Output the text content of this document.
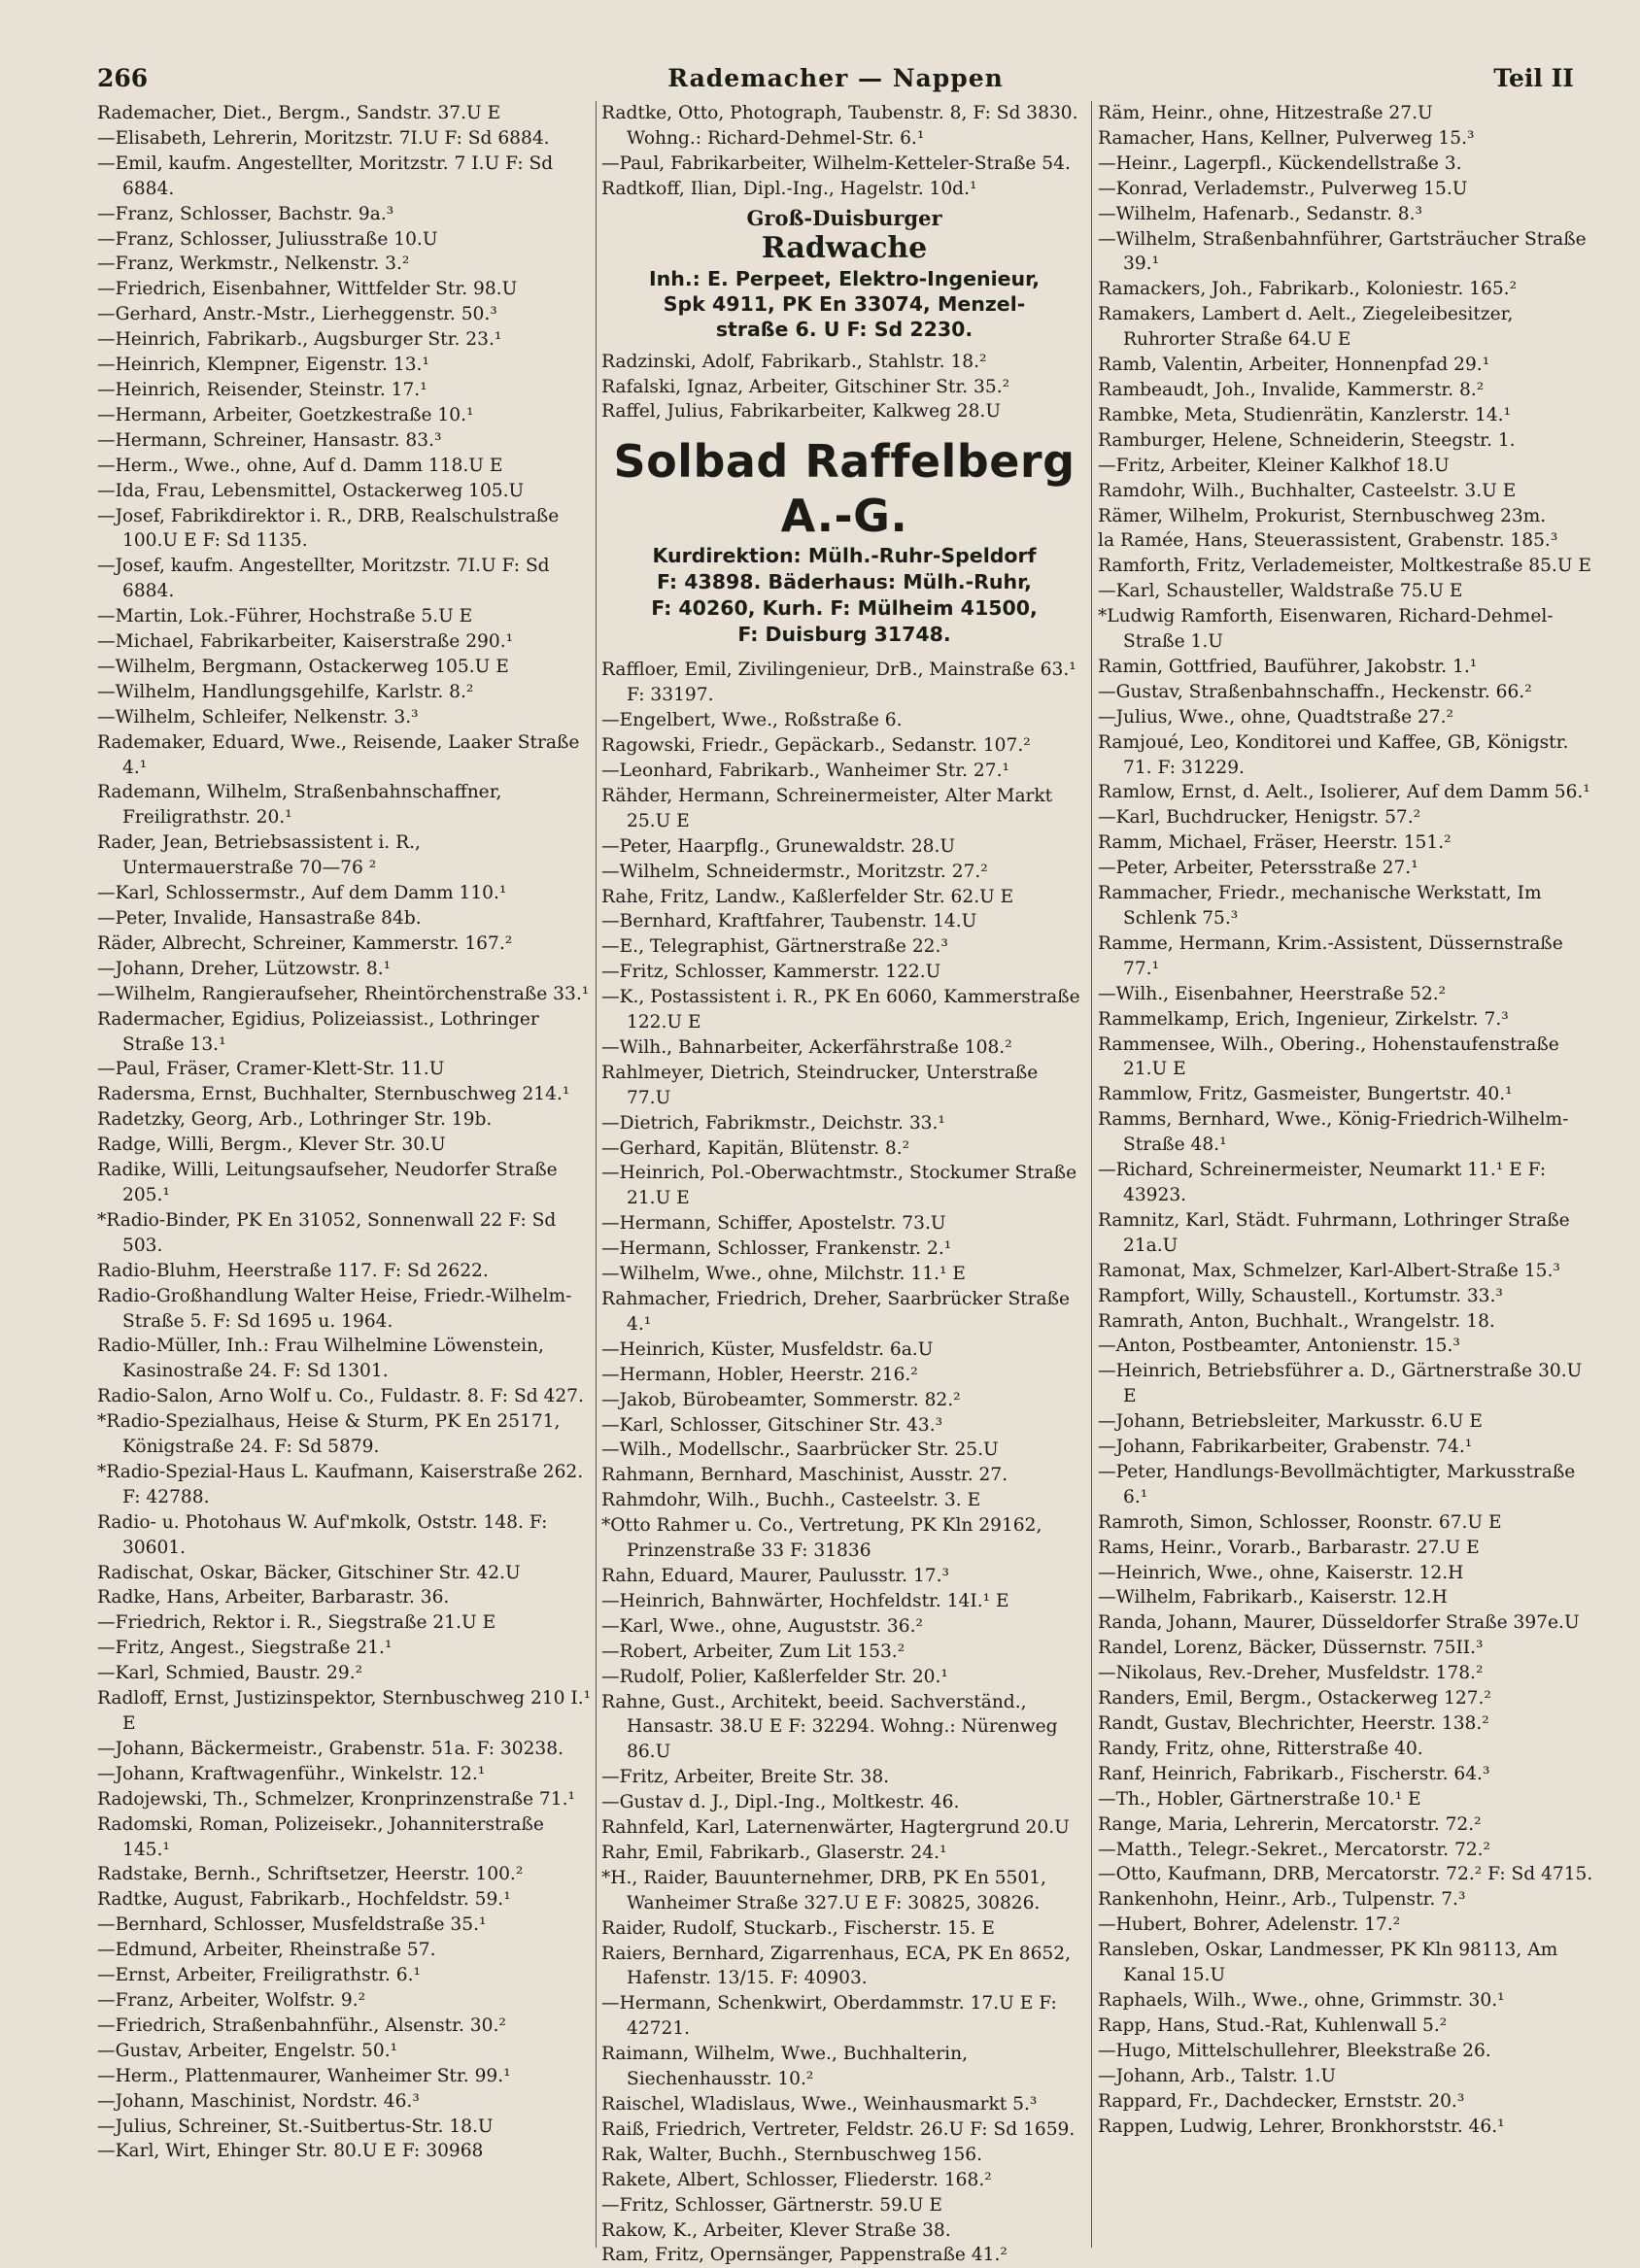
266	Rademacher — Nappen	Teil II

Rademacher, Diet., Bergm., Sandstr. 37.U E

—Elisabeth, Lehrerin, Moritzstr. 7I.U F: Sd 6884.

—Emil, kaufm. Angestellter, Moritzstr. 7 I.U F: Sd 6884.

—Franz, Schlosser, Bachstr. 9a.³

—Franz, Schlosser, Juliusstraße 10.U

—Franz, Werkmstr., Nelkenstr. 3.²

—Friedrich, Eisenbahner, Wittfelder Str. 98.U

—Gerhard, Anstr.-Mstr., Lierheggenstr. 50.³

—Heinrich, Fabrikarb., Augsburger Str. 23.¹

—Heinrich, Klempner, Eigenstr. 13.¹

—Heinrich, Reisender, Steinstr. 17.¹

—Hermann, Arbeiter, Goetzkestraße 10.¹

—Hermann, Schreiner, Hansastr. 83.³

—Herm., Wwe., ohne, Auf d. Damm 118.U E

—Ida, Frau, Lebensmittel, Ostackerweg 105.U

—Josef, Fabrikdirektor i. R., DRB, Realschulstraße 100.U E F: Sd 1135.

—Josef, kaufm. Angestellter, Moritzstr. 7I.U F: Sd 6884.

—Martin, Lok.-Führer, Hochstraße 5.U E

—Michael, Fabrikarbeiter, Kaiserstraße 290.¹

—Wilhelm, Bergmann, Ostackerweg 105.U E

—Wilhelm, Handlungsgehilfe, Karlstr. 8.²

—Wilhelm, Schleifer, Nelkenstr. 3.³

Rademaker, Eduard, Wwe., Reisende, Laaker Straße 4.¹

Rademann, Wilhelm, Straßenbahnschaffner, Freiligrathstr. 20.¹

Rader, Jean, Betriebsassistent i. R., Untermauerstraße 70—76 ²

—Karl, Schlossermstr., Auf dem Damm 110.¹

—Peter, Invalide, Hansastraße 84b.

Räder, Albrecht, Schreiner, Kammerstr. 167.²

—Johann, Dreher, Lützowstr. 8.¹

—Wilhelm, Rangieraufseher, Rheintörchenstraße 33.¹

Radermacher, Egidius, Polizeiassist., Lothringer Straße 13.¹

—Paul, Fräser, Cramer-Klett-Str. 11.U

Radersma, Ernst, Buchhalter, Sternbuschweg 214.¹

Radetzky, Georg, Arb., Lothringer Str. 19b.

Radge, Willi, Bergm., Klever Str. 30.U

Radike, Willi, Leitungsaufseher, Neudorfer Straße 205.¹

*Radio-Binder, PK En 31052, Sonnenwall 22 F: Sd 503.

Radio-Bluhm, Heerstraße 117. F: Sd 2622.

Radio-Großhandlung Walter Heise, Friedr.-Wilhelm-Straße 5. F: Sd 1695 u. 1964.

Radio-Müller, Inh.: Frau Wilhelmine Löwenstein, Kasinostraße 24. F: Sd 1301.

Radio-Salon, Arno Wolf u. Co., Fuldastr. 8. F: Sd 427.

*Radio-Spezialhaus, Heise & Sturm, PK En 25171, Königstraße 24. F: Sd 5879.

*Radio-Spezial-Haus L. Kaufmann, Kaiserstraße 262. F: 42788.

Radio- u. Photohaus W. Auf'mkolk, Oststr. 148. F: 30601.

Radischat, Oskar, Bäcker, Gitschiner Str. 42.U

Radke, Hans, Arbeiter, Barbarastr. 36.

—Friedrich, Rektor i. R., Siegstraße 21.U E

—Fritz, Angest., Siegstraße 21.¹

—Karl, Schmied, Baustr. 29.²

Radloff, Ernst, Justizinspektor, Sternbuschweg 210 I.¹ E

—Johann, Bäckermeistr., Grabenstr. 51a. F: 30238.

—Johann, Kraftwagenführ., Winkelstr. 12.¹

Radojewski, Th., Schmelzer, Kronprinzenstraße 71.¹

Radomski, Roman, Polizeisekr., Johanniterstraße 145.¹

Radstake, Bernh., Schriftsetzer, Heerstr. 100.²

Radtke, August, Fabrikarb., Hochfeldstr. 59.¹

—Bernhard, Schlosser, Musfeldstraße 35.¹

—Edmund, Arbeiter, Rheinstraße 57.

—Ernst, Arbeiter, Freiligrathstr. 6.¹

—Franz, Arbeiter, Wolfstr. 9.²

—Friedrich, Straßenbahnführ., Alsenstr. 30.²

—Gustav, Arbeiter, Engelstr. 50.¹

—Herm., Plattenmaurer, Wanheimer Str. 99.¹

—Johann, Maschinist, Nordstr. 46.³

—Julius, Schreiner, St.-Suitbertus-Str. 18.U

—Karl, Wirt, Ehinger Str. 80.U E F: 30968

Radtke, Otto, Photograph, Taubenstr. 8, F: Sd 3830. Wohng.: Richard-Dehmel-Str. 6.¹

—Paul, Fabrikarbeiter, Wilhelm-Ketteler-Straße 54.

Radtkoff, Ilian, Dipl.-Ing., Hagelstr. 10d.¹

Groß-Duisburger
Radwache
Inh.: E. Perpeet, Elektro-Ingenieur,
Spk 4911, PK En 33074, Menzel-
straße 6. U F: Sd 2230.

Radzinski, Adolf, Fabrikarb., Stahlstr. 18.²

Rafalski, Ignaz, Arbeiter, Gitschiner Str. 35.²

Raffel, Julius, Fabrikarbeiter, Kalkweg 28.U

Solbad Raffelberg A.-G.
Kurdirektion: Mülh.-Ruhr-Speldorf
F: 43898. Bäderhaus: Mülh.-Ruhr,
F: 40260, Kurh. F: Mülheim 41500,
F: Duisburg 31748.

Raffloer, Emil, Zivilingenieur, DrB., Mainstraße 63.¹ F: 33197.

—Engelbert, Wwe., Roßstraße 6.

Ragowski, Friedr., Gepäckarb., Sedanstr. 107.²

—Leonhard, Fabrikarb., Wanheimer Str. 27.¹

Rähder, Hermann, Schreinermeister, Alter Markt 25.U E

—Peter, Haarpflg., Grunewaldstr. 28.U

—Wilhelm, Schneidermstr., Moritzstr. 27.²

Rahe, Fritz, Landw., Kaßlerfelder Str. 62.U E

—Bernhard, Kraftfahrer, Taubenstr. 14.U

—E., Telegraphist, Gärtnerstraße 22.³

—Fritz, Schlosser, Kammerstr. 122.U

—K., Postassistent i. R., PK En 6060, Kammerstraße 122.U E

—Wilh., Bahnarbeiter, Ackerfährstraße 108.²

Rahlmeyer, Dietrich, Steindrucker, Unterstraße 77.U

—Dietrich, Fabrikmstr., Deichstr. 33.¹

—Gerhard, Kapitän, Blütenstr. 8.²

—Heinrich, Pol.-Oberwachtmstr., Stockumer Straße 21.U E

—Hermann, Schiffer, Apostelstr. 73.U

—Hermann, Schlosser, Frankenstr. 2.¹

—Wilhelm, Wwe., ohne, Milchstr. 11.¹ E

Rahmacher, Friedrich, Dreher, Saarbrücker Straße 4.¹

—Heinrich, Küster, Musfeldstr. 6a.U

—Hermann, Hobler, Heerstr. 216.²

—Jakob, Bürobeamter, Sommerstr. 82.²

—Karl, Schlosser, Gitschiner Str. 43.³

—Wilh., Modellschr., Saarbrücker Str. 25.U

Rahmann, Bernhard, Maschinist, Ausstr. 27.

Rahmdohr, Wilh., Buchh., Casteelstr. 3. E

*Otto Rahmer u. Co., Vertretung, PK Kln 29162, Prinzenstraße 33 F: 31836

Rahn, Eduard, Maurer, Paulusstr. 17.³

—Heinrich, Bahnwärter, Hochfeldstr. 14I.¹ E

—Karl, Wwe., ohne, Auguststr. 36.²

—Robert, Arbeiter, Zum Lit 153.²

—Rudolf, Polier, Kaßlerfelder Str. 20.¹

Rahne, Gust., Architekt, beeid. Sachverständ., Hansastr. 38.U E F: 32294. Wohng.: Nürenweg 86.U

—Fritz, Arbeiter, Breite Str. 38.

—Gustav d. J., Dipl.-Ing., Moltkestr. 46.

Rahnfeld, Karl, Laternenwärter, Hagtergrund 20.U

Rahr, Emil, Fabrikarb., Glaserstr. 24.¹

*H., Raider, Bauunternehmer, DRB, PK En 5501, Wanheimer Straße 327.U E F: 30825, 30826.

Raider, Rudolf, Stuckarb., Fischerstr. 15. E

Raiers, Bernhard, Zigarrenhaus, ECA, PK En 8652, Hafenstr. 13/15. F: 40903.

—Hermann, Schenkwirt, Oberdammstr. 17.U E F: 42721.

Raimann, Wilhelm, Wwe., Buchhalterin, Siechenhausstr. 10.²

Raischel, Wladislaus, Wwe., Weinhausmarkt 5.³

Raiß, Friedrich, Vertreter, Feldstr. 26.U F: Sd 1659.

Rak, Walter, Buchh., Sternbuschweg 156.

Rakete, Albert, Schlosser, Fliederstr. 168.²

—Fritz, Schlosser, Gärtnerstr. 59.U E

Rakow, K., Arbeiter, Klever Straße 38.

Ram, Fritz, Opernsänger, Pappenstraße 41.²

Räm, Heinr., ohne, Hitzestraße 27.U

Ramacher, Hans, Kellner, Pulverweg 15.³

—Heinr., Lagerpfl., Kückendellstraße 3.

—Konrad, Verlademstr., Pulverweg 15.U

—Wilhelm, Hafenarb., Sedanstr. 8.³

—Wilhelm, Straßenbahnführer, Gartsträucher Straße 39.¹

Ramackers, Joh., Fabrikarb., Koloniestr. 165.²

Ramakers, Lambert d. Aelt., Ziegeleibesitzer, Ruhrorter Straße 64.U E

Ramb, Valentin, Arbeiter, Honnenpfad 29.¹

Rambeaudt, Joh., Invalide, Kammerstr. 8.²

Rambke, Meta, Studienrätin, Kanzlerstr. 14.¹

Ramburger, Helene, Schneiderin, Steegstr. 1.

—Fritz, Arbeiter, Kleiner Kalkhof 18.U

Ramdohr, Wilh., Buchhalter, Casteelstr. 3.U E

Rämer, Wilhelm, Prokurist, Sternbuschweg 23m.

la Ramée, Hans, Steuerassistent, Grabenstr. 185.³

Ramforth, Fritz, Verlademeister, Moltkestraße 85.U E

—Karl, Schausteller, Waldstraße 75.U E

*Ludwig Ramforth, Eisenwaren, Richard-Dehmel-Straße 1.U

Ramin, Gottfried, Bauführer, Jakobstr. 1.¹

—Gustav, Straßenbahnschaffn., Heckenstr. 66.²

—Julius, Wwe., ohne, Quadtstraße 27.²

Ramjoué, Leo, Konditorei und Kaffee, GB, Königstr. 71. F: 31229.

Ramlow, Ernst, d. Aelt., Isolierer, Auf dem Damm 56.¹

—Karl, Buchdrucker, Henigstr. 57.²

Ramm, Michael, Fräser, Heerstr. 151.²

—Peter, Arbeiter, Petersstraße 27.¹

Rammacher, Friedr., mechanische Werkstatt, Im Schlenk 75.³

Ramme, Hermann, Krim.-Assistent, Düssernstraße 77.¹

—Wilh., Eisenbahner, Heerstraße 52.²

Rammelkamp, Erich, Ingenieur, Zirkelstr. 7.³

Rammensee, Wilh., Obering., Hohenstaufenstraße 21.U E

Rammlow, Fritz, Gasmeister, Bungertstr. 40.¹

Ramms, Bernhard, Wwe., König-Friedrich-Wilhelm-Straße 48.¹

—Richard, Schreinermeister, Neumarkt 11.¹ E F: 43923.

Ramnitz, Karl, Städt. Fuhrmann, Lothringer Straße 21a.U

Ramonat, Max, Schmelzer, Karl-Albert-Straße 15.³

Rampfort, Willy, Schaustell., Kortumstr. 33.³

Ramrath, Anton, Buchhalt., Wrangelstr. 18.

—Anton, Postbeamter, Antonienstr. 15.³

—Heinrich, Betriebsführer a. D., Gärtnerstraße 30.U E

—Johann, Betriebsleiter, Markusstr. 6.U E

—Johann, Fabrikarbeiter, Grabenstr. 74.¹

—Peter, Handlungs-Bevollmächtigter, Markusstraße 6.¹

Ramroth, Simon, Schlosser, Roonstr. 67.U E

Rams, Heinr., Vorarb., Barbarastr. 27.U E

—Heinrich, Wwe., ohne, Kaiserstr. 12.H

—Wilhelm, Fabrikarb., Kaiserstr. 12.H

Randa, Johann, Maurer, Düsseldorfer Straße 397e.U

Randel, Lorenz, Bäcker, Düssernstr. 75II.³

—Nikolaus, Rev.-Dreher, Musfeldstr. 178.²

Randers, Emil, Bergm., Ostackerweg 127.²

Randt, Gustav, Blechrichter, Heerstr. 138.²

Randy, Fritz, ohne, Ritterstraße 40.

Ranf, Heinrich, Fabrikarb., Fischerstr. 64.³

—Th., Hobler, Gärtnerstraße 10.¹ E

Range, Maria, Lehrerin, Mercatorstr. 72.²

—Matth., Telegr.-Sekret., Mercatorstr. 72.²

—Otto, Kaufmann, DRB, Mercatorstr. 72.² F: Sd 4715.

Rankenhohn, Heinr., Arb., Tulpenstr. 7.³

—Hubert, Bohrer, Adelenstr. 17.²

Ransleben, Oskar, Landmesser, PK Kln 98113, Am Kanal 15.U

Raphaels, Wilh., Wwe., ohne, Grimmstr. 30.¹

Rapp, Hans, Stud.-Rat, Kuhlenwall 5.²

—Hugo, Mittelschullehrer, Bleekstraße 26.

—Johann, Arb., Talstr. 1.U

Rappard, Fr., Dachdecker, Ernststr. 20.³

Rappen, Ludwig, Lehrer, Bronkhorststr. 46.¹
